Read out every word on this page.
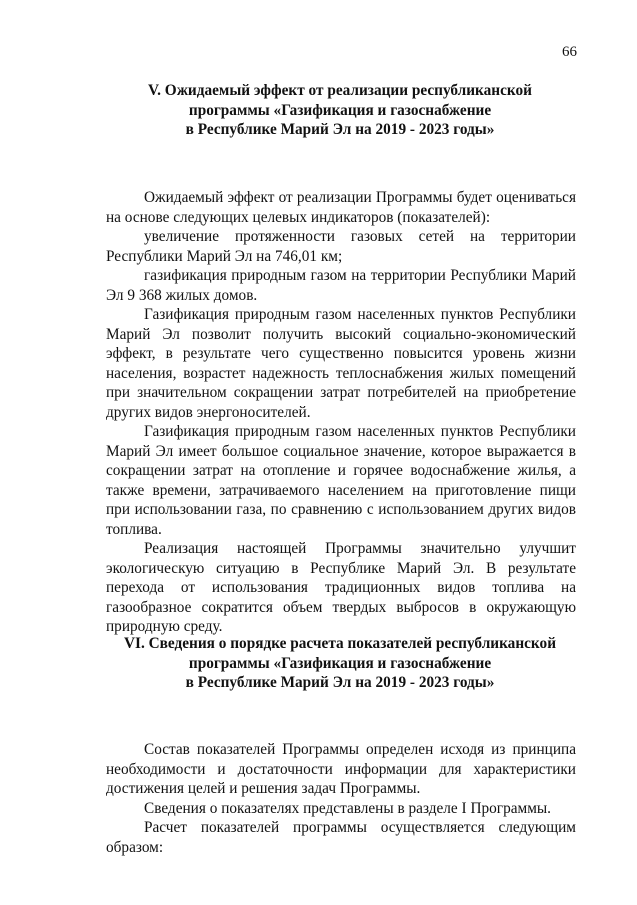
66
V. Ожидаемый эффект от реализации республиканской
программы «Газификация и газоснабжение
в Республике Марий Эл на 2019 - 2023 годы»

Ожидаемый эффект от реализации Программы будет оцениваться на основе следующих целевых индикаторов (показателей):

увеличение протяженности газовых сетей на территории Республики Марий Эл на 746,01 км;

газификация природным газом на территории Республики Марий Эл 9 368 жилых домов.

Газификация природным газом населенных пунктов Республики Марий Эл позволит получить высокий социально-экономический эффект, в результате чего существенно повысится уровень жизни населения, возрастет надежность теплоснабжения жилых помещений при значительном сокращении затрат потребителей на приобретение других видов энергоносителей.

Газификация природным газом населенных пунктов Республики Марий Эл имеет большое социальное значение, которое выражается в сокращении затрат на отопление и горячее водоснабжение жилья, а также времени, затрачиваемого населением на приготовление пищи при использовании газа, по сравнению с использованием других видов топлива.

Реализация настоящей Программы значительно улучшит экологическую ситуацию в Республике Марий Эл. В результате перехода от использования традиционных видов топлива на газообразное сократится объем твердых выбросов в окружающую природную среду.

VI. Сведения о порядке расчета показателей республиканской
программы «Газификация и газоснабжение
в Республике Марий Эл на 2019 - 2023 годы»

Состав показателей Программы определен исходя из принципа необходимости и достаточности информации для характеристики достижения целей и решения задач Программы.

Сведения о показателях представлены в разделе I Программы.

Расчет показателей программы осуществляется следующим образом:
